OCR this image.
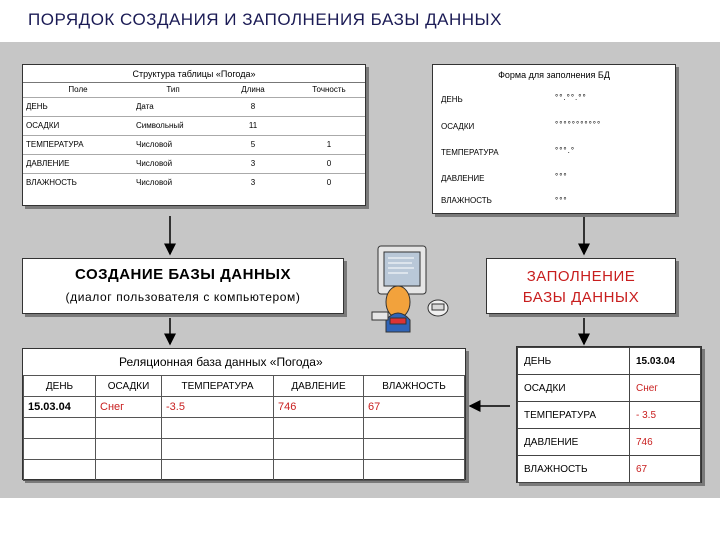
ПОРЯДОК СОЗДАНИЯ И ЗАПОЛНЕНИЯ БАЗЫ ДАННЫХ
Структура таблицы «Погода»
Поле	Тип	Длина	Точность
ДЕНЬ	Дата	8	
ОСАДКИ	Символьный	11	
ТЕМПЕРАТУРА	Числовой	5	1
ДАВЛЕНИЕ	Числовой	3	0
ВЛАЖНОСТЬ	Числовой	3	0
Форма для заполнения БД
ДЕНЬ	°°.°°.°°
ОСАДКИ	°°°°°°°°°°°
ТЕМПЕРАТУРА	°°°.°
ДАВЛЕНИЕ	°°°
ВЛАЖНОСТЬ	°°°
СОЗДАНИЕ БАЗЫ ДАННЫХ
(диалог пользователя с компьютером)
ЗАПОЛНЕНИЕ
БАЗЫ ДАННЫХ
Реляционная база данных «Погода»
ДЕНЬ	ОСАДКИ	ТЕМПЕРАТУРА	ДАВЛЕНИЕ	ВЛАЖНОСТЬ
15.03.04	Снег	-3.5	746	67

ДЕНЬ	15.03.04
ОСАДКИ	Снег
ТЕМПЕРАТУРА	- 3.5
ДАВЛЕНИЕ	746
ВЛАЖНОСТЬ	67
